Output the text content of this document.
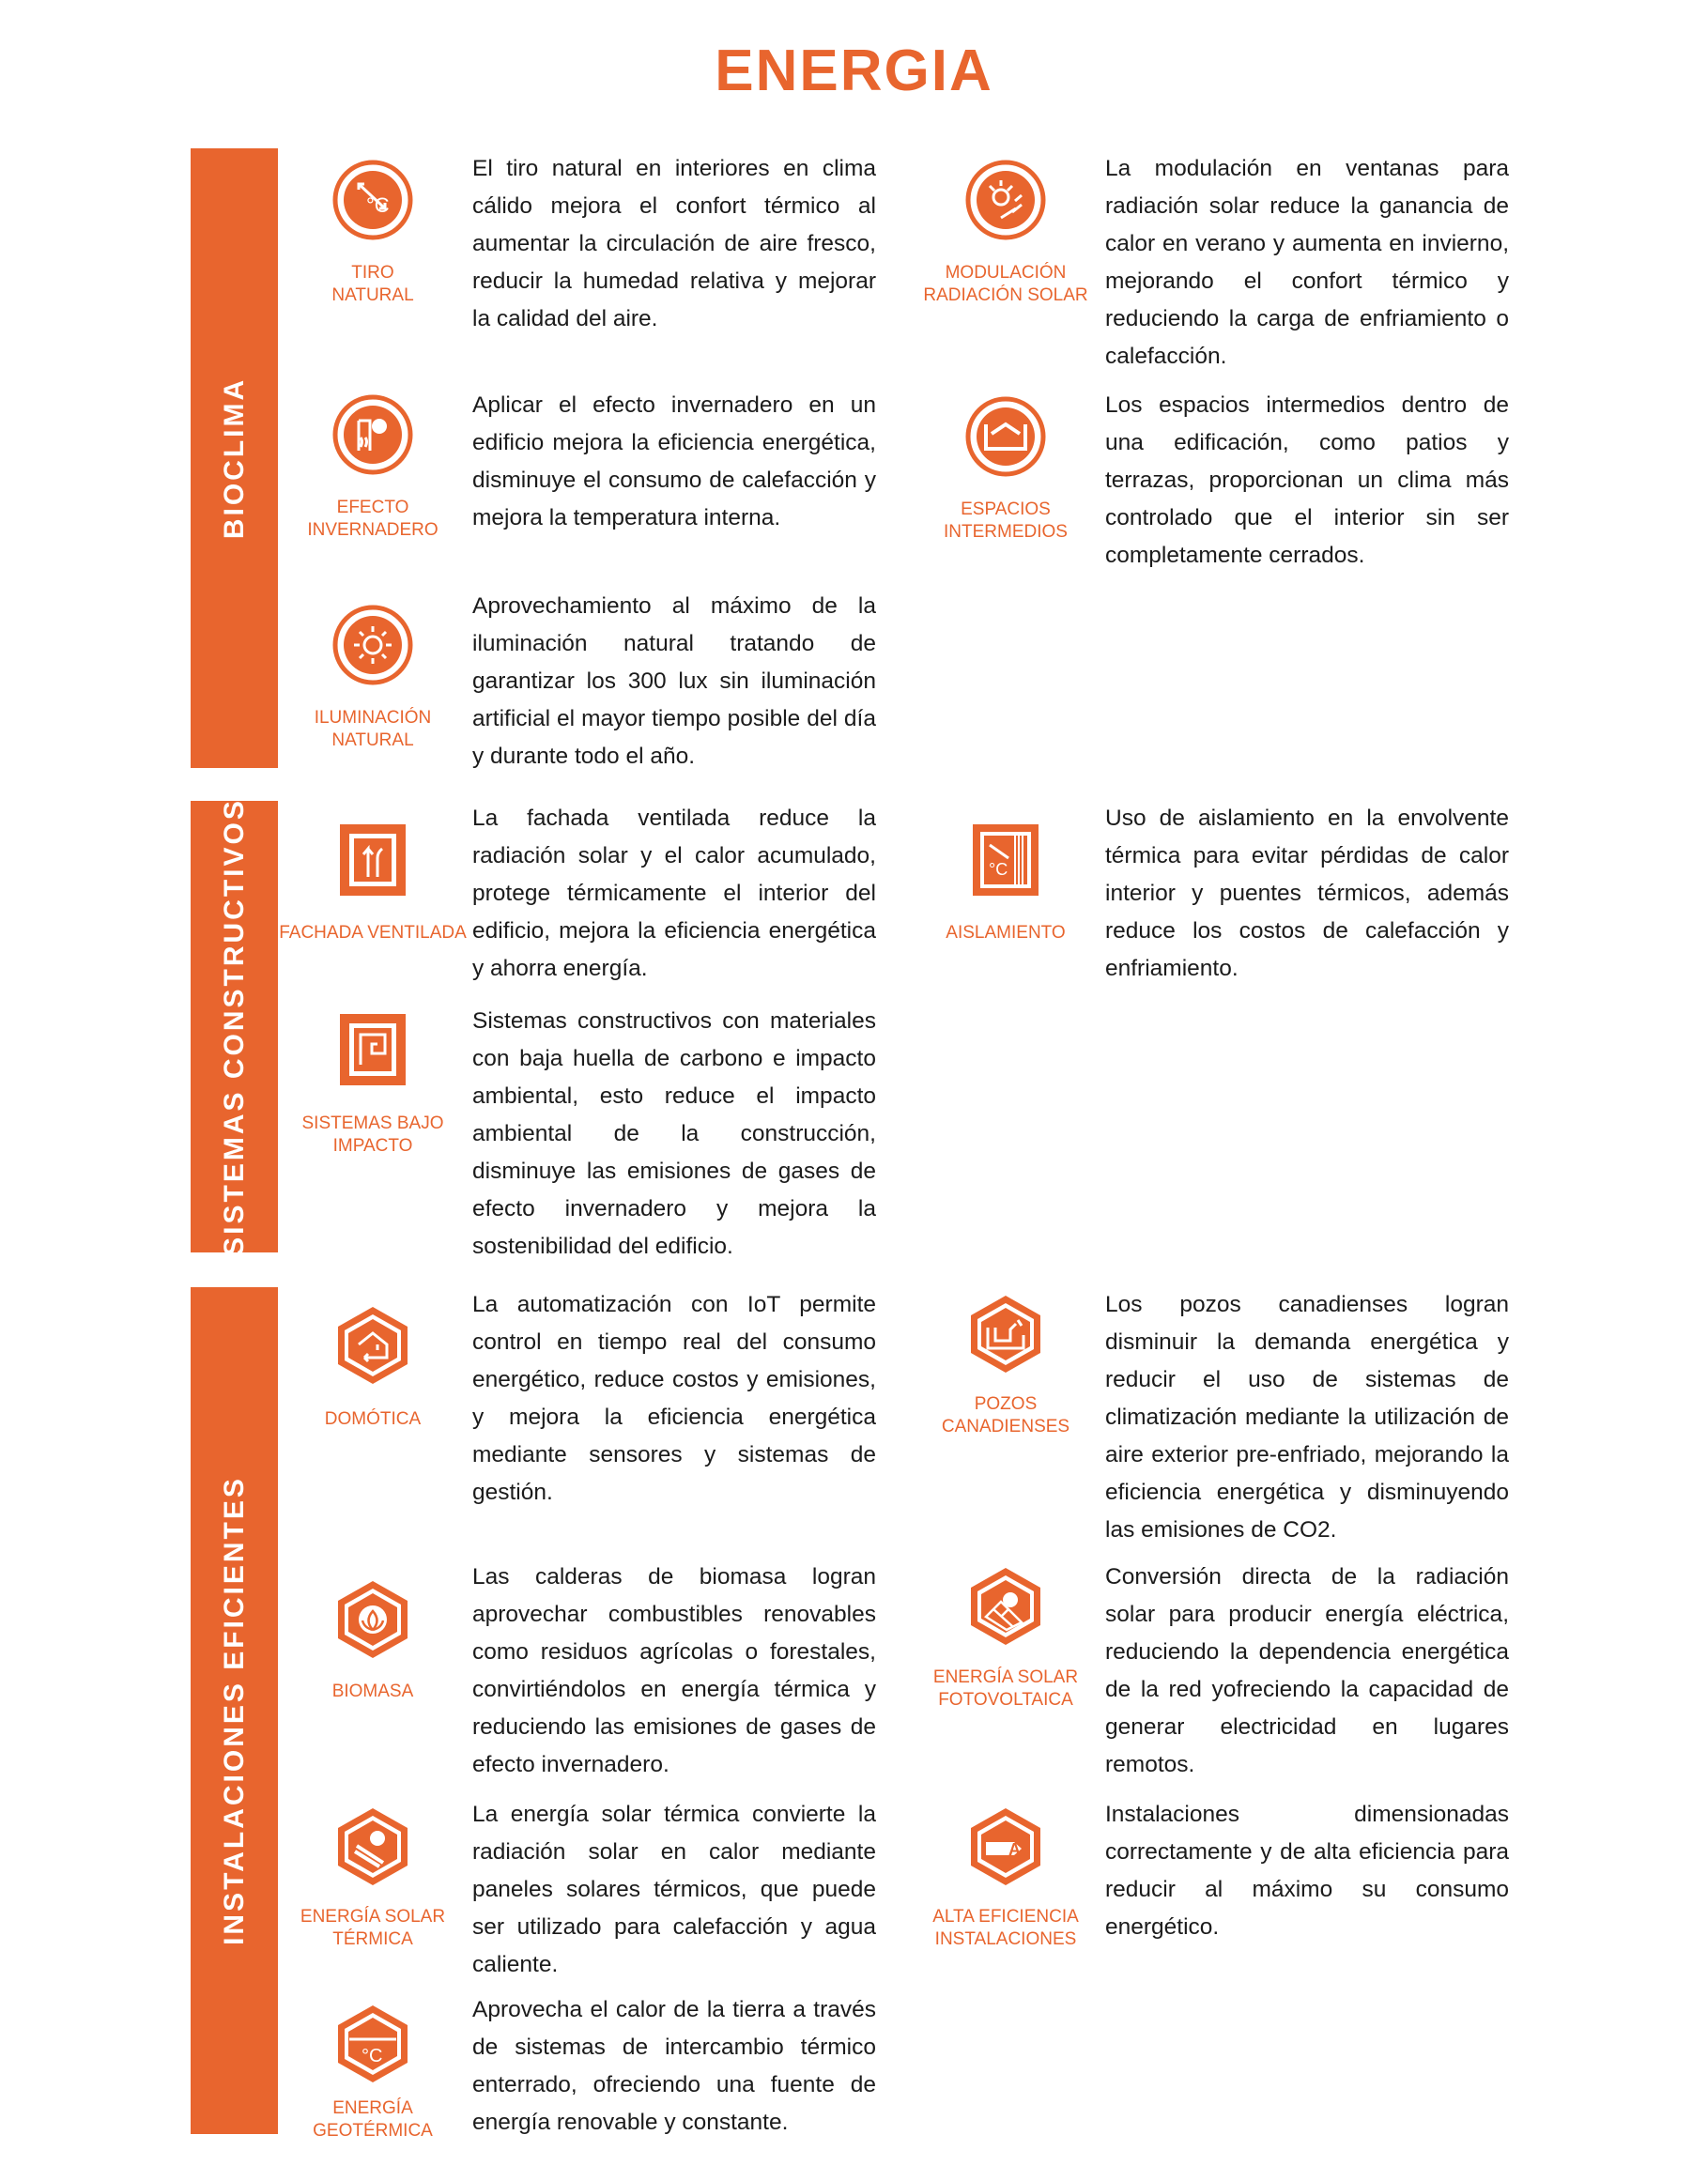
ENERGIA
BIOCLIMA
SISTEMAS CONSTRUCTIVOS
INSTALACIONES EFICIENTES
°C
TIRO
NATURAL
El tiro natural en interiores en clima cálido mejora el confort térmico al aumentar la circulación de aire fresco, reducir la humedad relativa y mejorar la calidad del aire.
MODULACIÓN
RADIACIÓN SOLAR
La modulación en ventanas para radiación solar reduce la ganancia de calor en verano y aumenta en invierno, mejorando el confort térmico y reduciendo la carga de enfriamiento o calefacción.
EFECTO
INVERNADERO
Aplicar el efecto invernadero en un edificio mejora la eficiencia energética, disminuye el consumo de calefacción y mejora la temperatura interna.	ESPACIOS
INTERMEDIOS
Los espacios intermedios dentro de una edificación, como patios y terrazas, proporcionan un clima más controlado que el interior sin ser completamente cerrados.
ILUMINACIÓN
NATURAL
Aprovechamiento al máximo de la iluminación natural tratando de garantizar los 300 lux sin iluminación artificial el mayor tiempo posible del día y durante todo el año.
FACHADA VENTILADA
La fachada ventilada reduce la radiación solar y el calor acumulado, protege térmicamente el interior del edificio, mejora la eficiencia energética y ahorra energía.
°C
AISLAMIENTO
Uso de aislamiento en la envolvente térmica para evitar pérdidas de calor interior y puentes térmicos, además reduce los costos de calefacción y enfriamiento.
SISTEMAS BAJO
IMPACTO
Sistemas constructivos con materiales con baja huella de carbono e impacto ambiental, esto reduce el impacto ambiental de la construcción, disminuye las emisiones de gases de efecto invernadero y mejora la sostenibilidad del edificio.
DOMÓTICA
La automatización con IoT permite control en tiempo real del consumo energético, reduce costos y emisiones, y mejora la eficiencia energética mediante sensores y sistemas de gestión.
POZOS
CANADIENSES
Los pozos canadienses logran disminuir la demanda energética y reducir el uso de sistemas de climatización mediante la utilización de aire exterior pre-enfriado, mejorando la eficiencia energética y disminuyendo las emisiones de CO2.
BIOMASA
Las calderas de biomasa logran aprovechar combustibles renovables como residuos agrícolas o forestales, convirtiéndolos en energía térmica y reduciendo las emisiones de gases de efecto invernadero.
ENERGÍA SOLAR
FOTOVOLTAICA
Conversión directa de la radiación solar para producir energía eléctrica, reduciendo la dependencia energética de la red yofreciendo la capacidad de generar electricidad en lugares remotos.
ENERGÍA SOLAR
TÉRMICA
La energía solar térmica convierte la radiación solar en calor mediante paneles solares térmicos, que puede ser utilizado para calefacción y agua caliente.
A
ALTA EFICIENCIA
INSTALACIONES
Instalaciones dimensionadas correctamente y de alta eficiencia para reducir al máximo su consumo energético.
°C
ENERGÍA
GEOTÉRMICA
Aprovecha el calor de la tierra a través de sistemas de intercambio térmico enterrado, ofreciendo una fuente de energía renovable y constante.
